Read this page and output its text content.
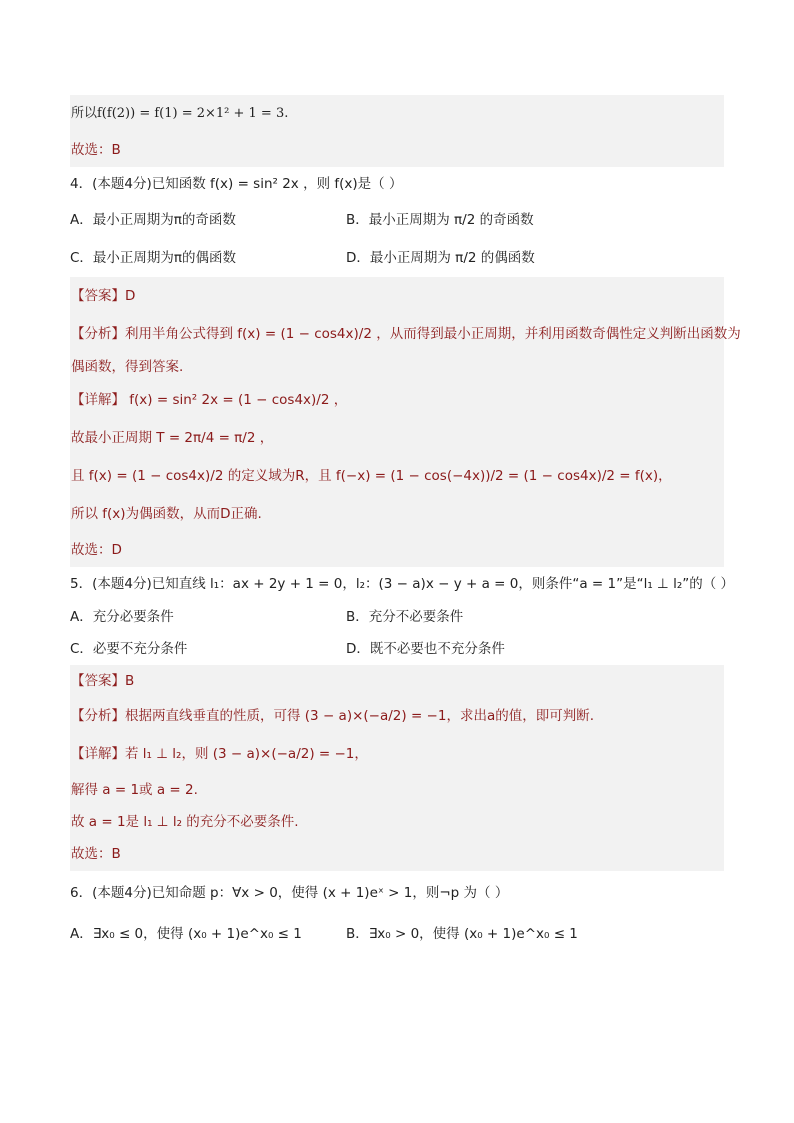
所以f(f(2)) = f(1) = 2×1² + 1 = 3.
故选：B
4．(本题4分)已知函数 f(x) = sin² 2x ，则 f(x)是（ ）
A．最小正周期为π的奇函数	B．最小正周期为 π/2 的奇函数
C．最小正周期为π的偶函数	D．最小正周期为 π/2 的偶函数
【答案】D
【分析】利用半角公式得到 f(x) = (1 − cos4x)/2 ，从而得到最小正周期，并利用函数奇偶性定义判断出函数为
偶函数，得到答案.
【详解】 f(x) = sin² 2x = (1 − cos4x)/2 ，
故最小正周期 T = 2π/4 = π/2 ，
且 f(x) = (1 − cos4x)/2 的定义域为R，且 f(−x) = (1 − cos(−4x))/2 = (1 − cos4x)/2 = f(x)，
所以 f(x)为偶函数，从而D正确.
故选：D
5．(本题4分)已知直线 l₁：ax + 2y + 1 = 0，l₂：(3 − a)x − y + a = 0，则条件“a = 1”是“l₁ ⊥ l₂”的（ ）
A．充分必要条件	B．充分不必要条件
C．必要不充分条件	D．既不必要也不充分条件
【答案】B
【分析】根据两直线垂直的性质，可得 (3 − a)×(−a/2) = −1，求出a的值，即可判断.
【详解】若 l₁ ⊥ l₂，则 (3 − a)×(−a/2) = −1，
解得 a = 1或 a = 2.
故 a = 1是 l₁ ⊥ l₂ 的充分不必要条件.
故选：B
6．(本题4分)已知命题 p：∀x > 0，使得 (x + 1)eˣ > 1，则¬p 为（ ）
A．∃x₀ ≤ 0，使得 (x₀ + 1)e^x₀ ≤ 1	B．∃x₀ > 0，使得 (x₀ + 1)e^x₀ ≤ 1
